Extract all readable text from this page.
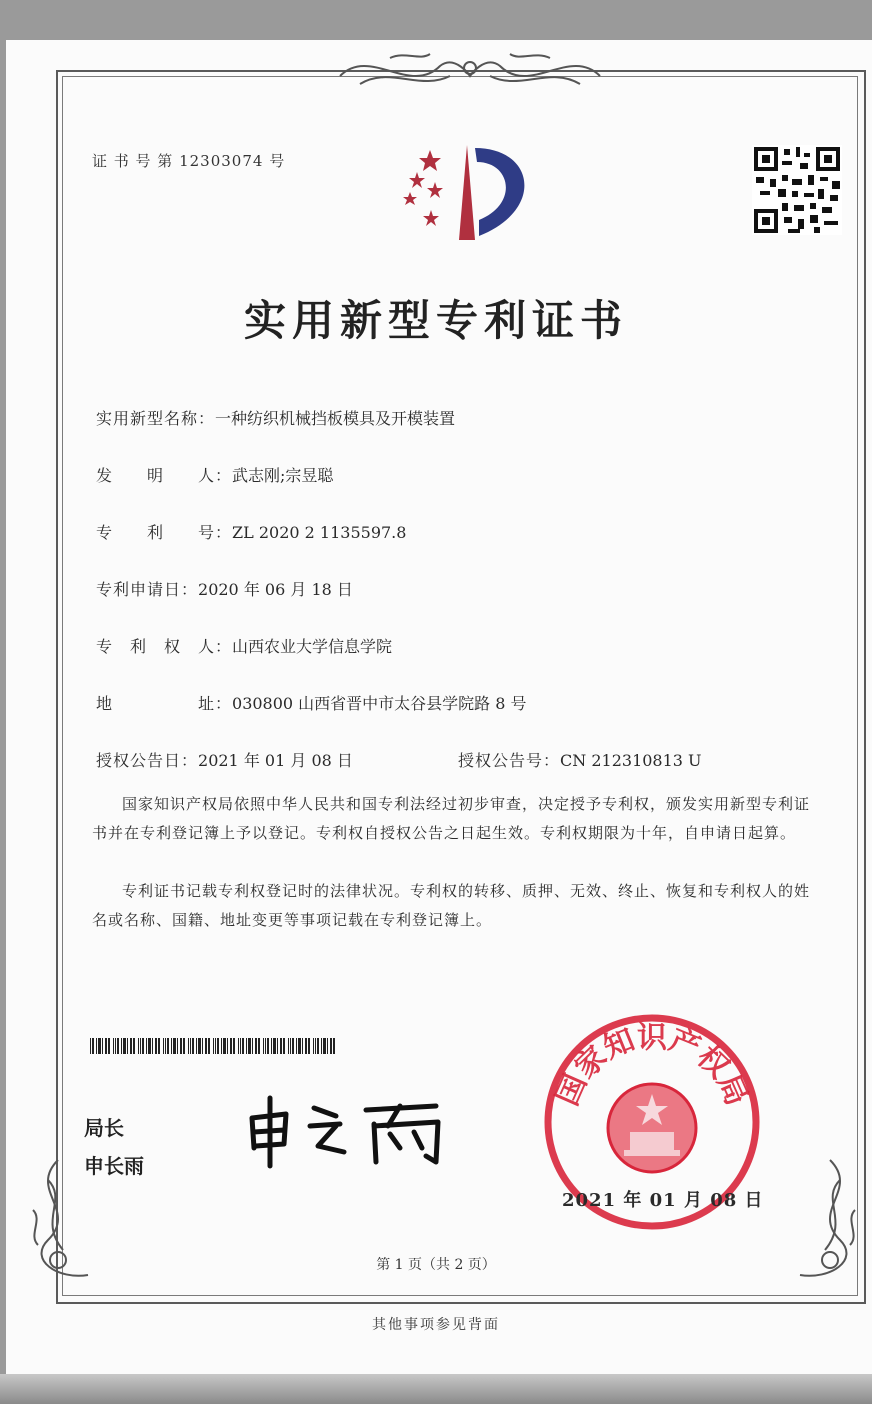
证 书 号 第 12303074 号
实用新型专利证书
实用新型名称：一种纺织机械挡板模具及开模装置
发　　明　　人：武志刚;宗昱聪
专　　利　　号：ZL 2020 2 1135597.8
专利申请日：2020 年 06 月 18 日
专　利　权　人：山西农业大学信息学院
地　　　　　址：030800 山西省晋中市太谷县学院路 8 号
授权公告日：2021 年 01 月 08 日	授权公告号：CN 212310813 U
国家知识产权局依照中华人民共和国专利法经过初步审查，决定授予专利权，颁发实用新型专利证书并在专利登记簿上予以登记。专利权自授权公告之日起生效。专利权期限为十年，自申请日起算。
专利证书记载专利权登记时的法律状况。专利权的转移、质押、无效、终止、恢复和专利权人的姓名或名称、国籍、地址变更等事项记载在专利登记簿上。
局长
申长雨
国家知识产权局
2021 年 01 月 08 日
第 1 页（共 2 页）
其他事项参见背面
